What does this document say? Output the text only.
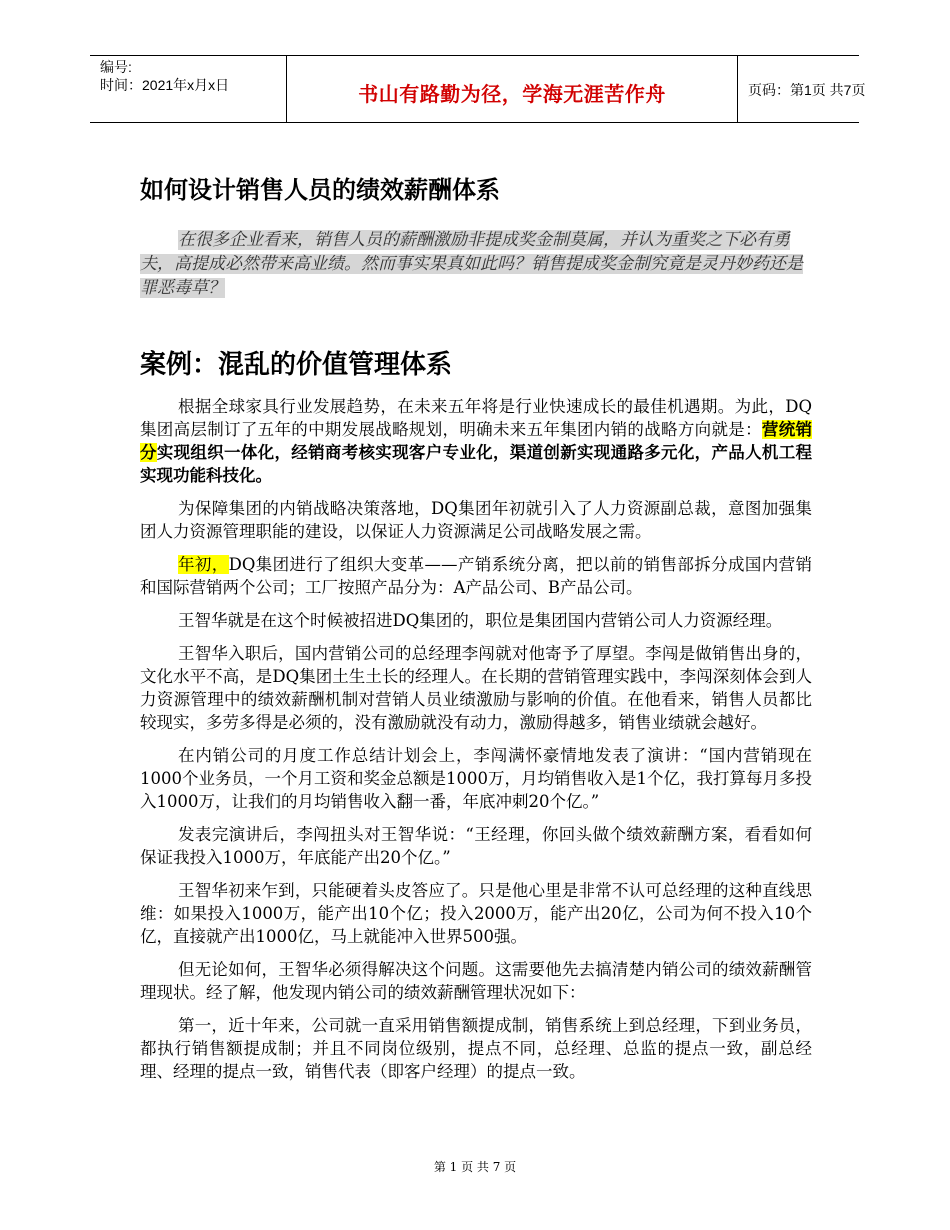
编号:
时间：2021年x月x日	书山有路勤为径，学海无涯苦作舟	页码：第1页 共7页
如何设计销售人员的绩效薪酬体系
在很多企业看来，销售人员的薪酬激励非提成奖金制莫属，并认为重奖之下必有勇夫，高提成必然带来高业绩。然而事实果真如此吗？销售提成奖金制究竟是灵丹妙药还是罪恶毒草？
案例：混乱的价值管理体系

根据全球家具行业发展趋势，在未来五年将是行业快速成长的最佳机遇期。为此，DQ集团高层制订了五年的中期发展战略规划，明确未来五年集团内销的战略方向就是：营统销分实现组织一体化，经销商考核实现客户专业化，渠道创新实现通路多元化，产品人机工程实现功能科技化。

为保障集团的内销战略决策落地，DQ集团年初就引入了人力资源副总裁，意图加强集团人力资源管理职能的建设，以保证人力资源满足公司战略发展之需。

年初，DQ集团进行了组织大变革——产销系统分离，把以前的销售部拆分成国内营销和国际营销两个公司；工厂按照产品分为：A产品公司、B产品公司。

王智华就是在这个时候被招进DQ集团的，职位是集团国内营销公司人力资源经理。

王智华入职后，国内营销公司的总经理李闯就对他寄予了厚望。李闯是做销售出身的，文化水平不高，是DQ集团土生土长的经理人。在长期的营销管理实践中，李闯深刻体会到人力资源管理中的绩效薪酬机制对营销人员业绩激励与影响的价值。在他看来，销售人员都比较现实，多劳多得是必须的，没有激励就没有动力，激励得越多，销售业绩就会越好。

在内销公司的月度工作总结计划会上，李闯满怀豪情地发表了演讲：“国内营销现在1000个业务员，一个月工资和奖金总额是1000万，月均销售收入是1个亿，我打算每月多投入1000万，让我们的月均销售收入翻一番，年底冲刺20个亿。”

发表完演讲后，李闯扭头对王智华说：“王经理，你回头做个绩效薪酬方案，看看如何保证我投入1000万，年底能产出20个亿。”

王智华初来乍到，只能硬着头皮答应了。只是他心里是非常不认可总经理的这种直线思维：如果投入1000万，能产出10个亿；投入2000万，能产出20亿，公司为何不投入10个亿，直接就产出1000亿，马上就能冲入世界500强。

但无论如何，王智华必须得解决这个问题。这需要他先去搞清楚内销公司的绩效薪酬管理现状。经了解，他发现内销公司的绩效薪酬管理状况如下：

第一，近十年来，公司就一直采用销售额提成制，销售系统上到总经理，下到业务员，都执行销售额提成制；并且不同岗位级别，提点不同，总经理、总监的提点一致，副总经理、经理的提点一致，销售代表（即客户经理）的提点一致。

第 1 页 共 7 页
